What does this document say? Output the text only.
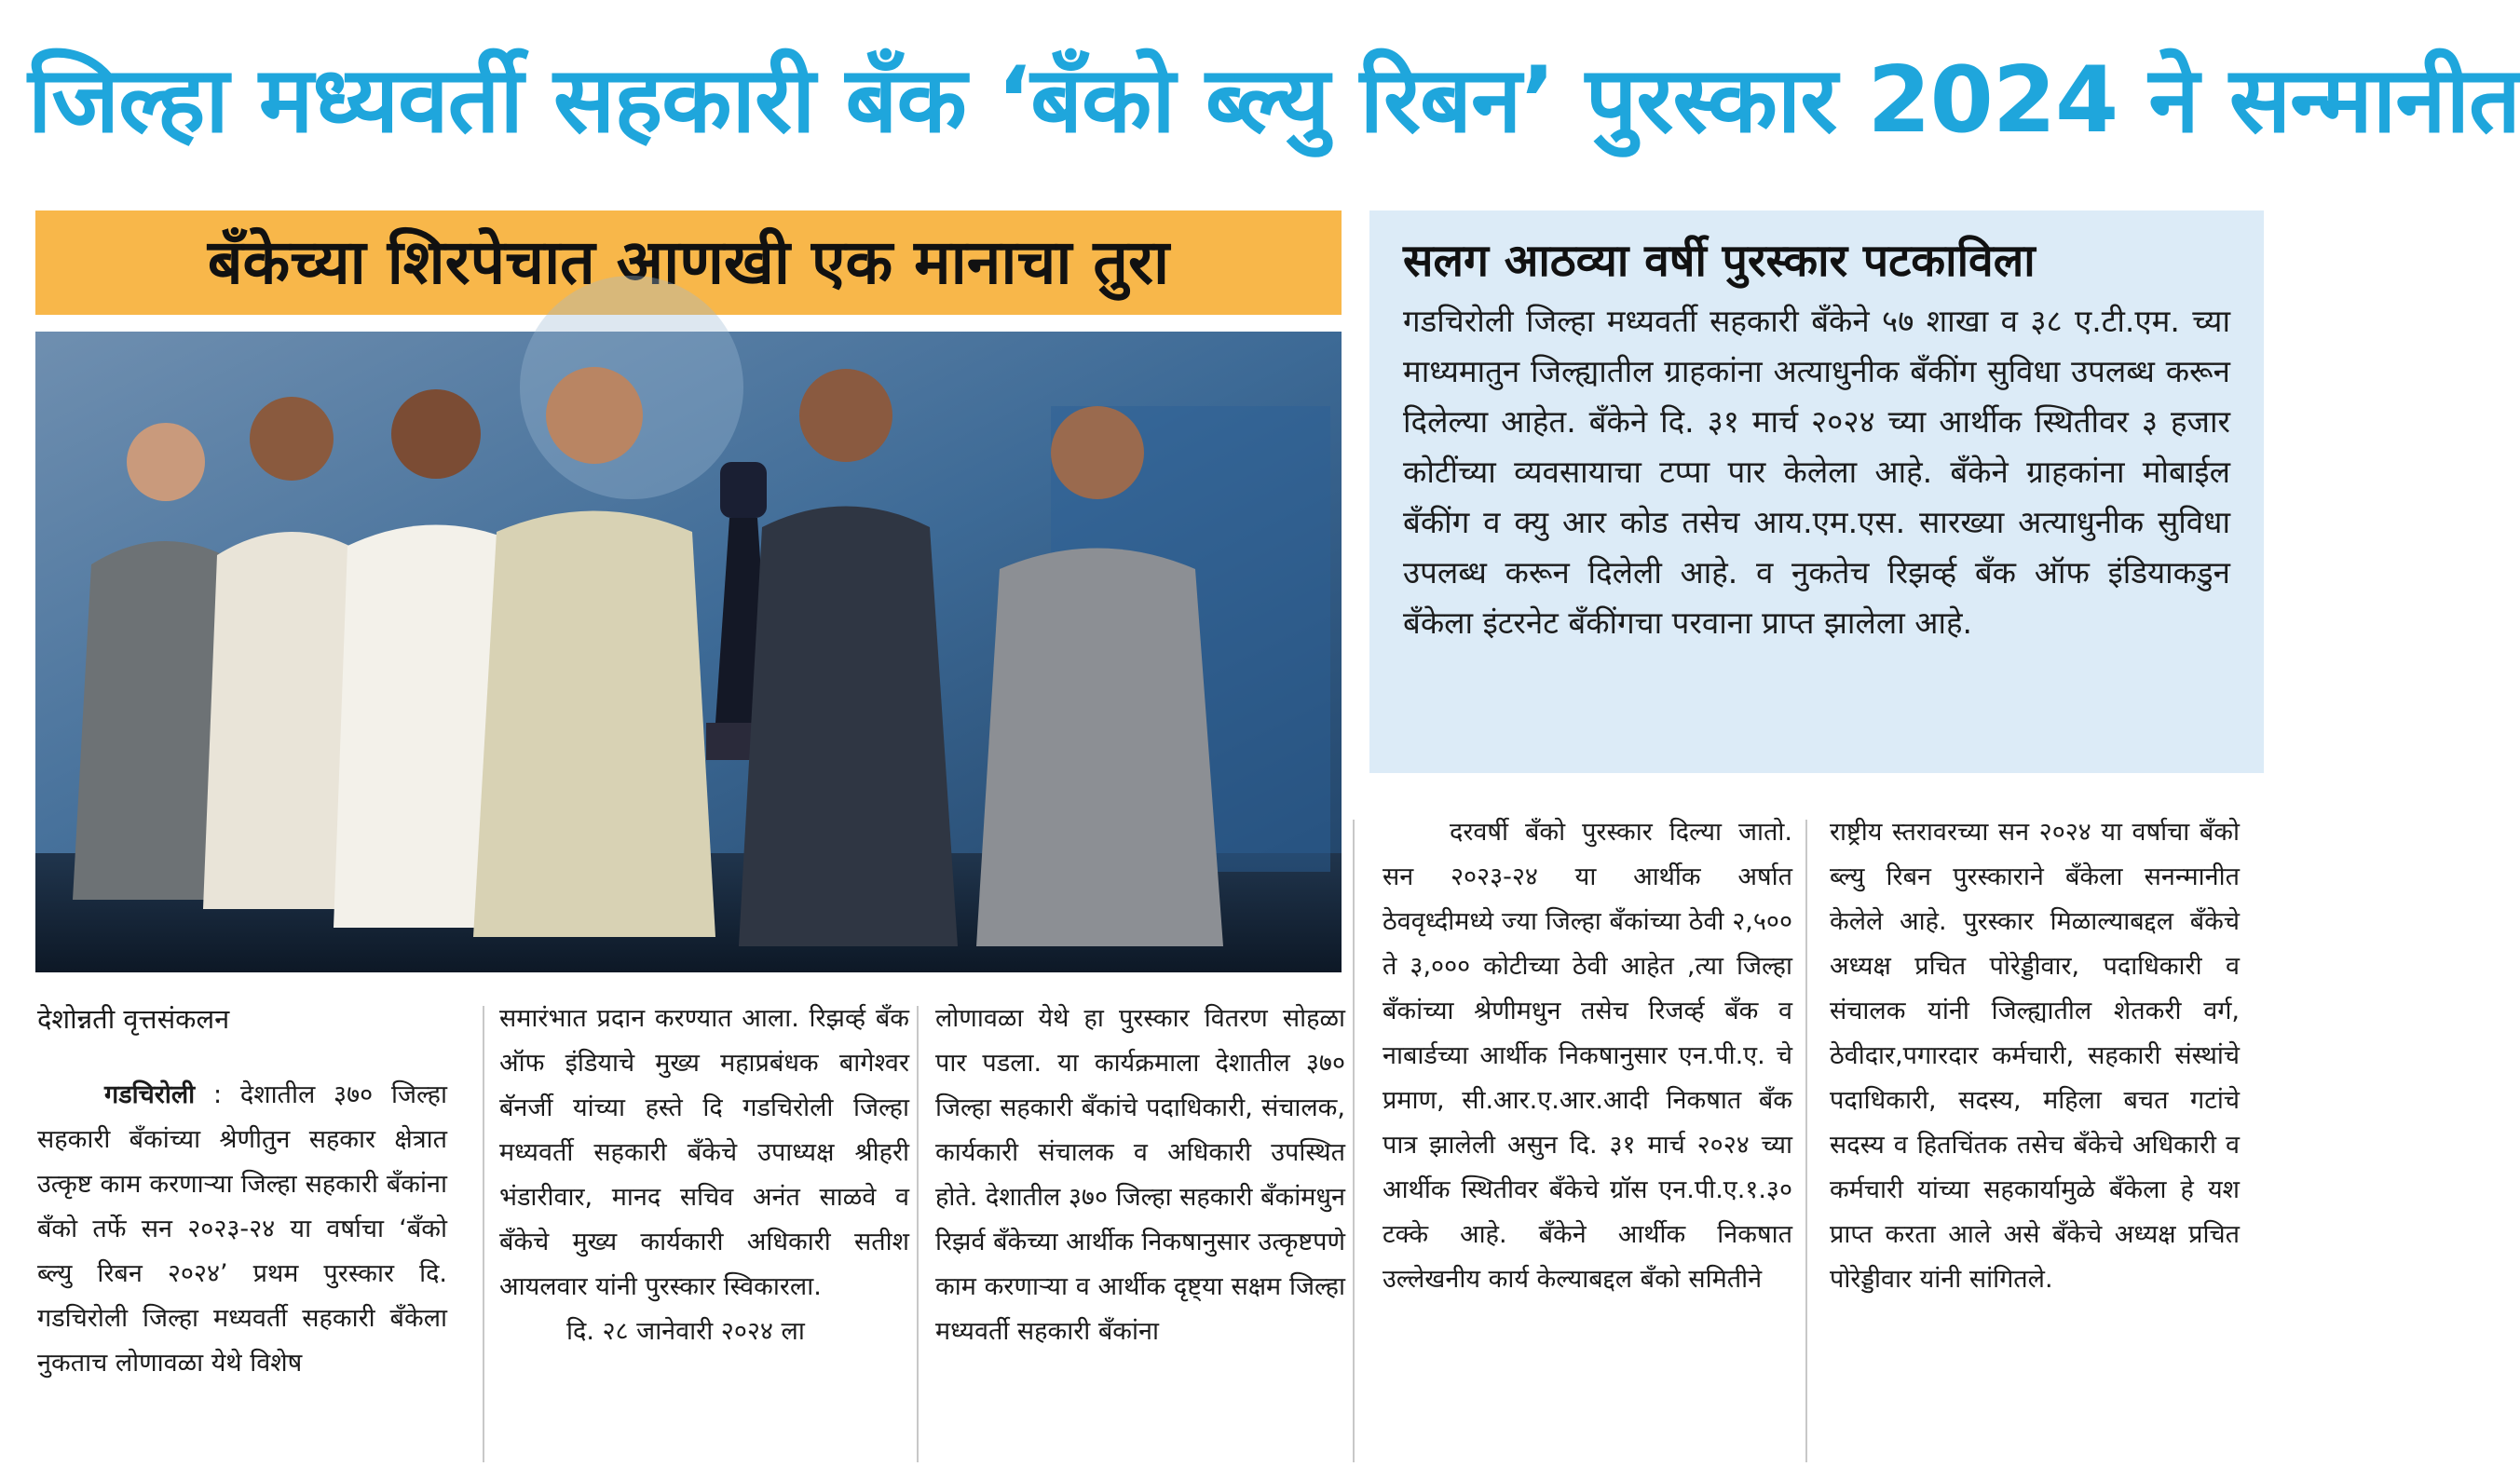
जिल्हा मध्यवर्ती सहकारी बँक ‘बँको ब्ल्यु रिबन’ पुरस्कार 2024 ने सन्मानीत
बँकेच्या शिरपेचात आणखी एक मानाचा तुरा	सलग आठव्या वर्षी पुरस्कार पटकाविला
गडचिरोली जिल्हा मध्यवर्ती सहकारी बँकेने ५७ शाखा व ३८ ए.टी.एम. च्या माध्यमातुन जिल्ह्यातील ग्राहकांना अत्याधुनीक बँकींग सुविधा उपलब्ध करून दिलेल्या आहेत. बँकेने दि. ३१ मार्च २०२४ च्या आर्थीक स्थितीवर ३ हजार कोटींच्या व्यवसायाचा टप्पा पार केलेला आहे. बँकेने ग्राहकांना मोबाईल बँकींग व क्यु आर कोड तसेच आय.एम.एस. सारख्या अत्याधुनीक सुविधा उपलब्ध करून दिलेली आहे. व नुकतेच रिझर्व्ह बँक ऑफ इंडियाकडुन बँकेला इंटरनेट बँकींगचा परवाना प्राप्त झालेला आहे.

देशोन्नती वृत्तसंकलन

गडचिरोली : देशातील ३७० जिल्हा सहकारी बँकांच्या श्रेणीतुन सहकार क्षेत्रात उत्कृष्ट काम करणाऱ्या जिल्हा सहकारी बँकांना बँको तर्फे सन २०२३-२४ या वर्षाचा ‘बँको ब्ल्यु रिबन २०२४’ प्रथम पुरस्कार दि. गडचिरोली जिल्हा मध्यवर्ती सहकारी बँकेला नुकताच लोणावळा येथे विशेष

समारंभात प्रदान करण्यात आला. रिझर्व्ह बँक ऑफ इंडियाचे मुख्य महाप्रबंधक बागेश्वर बॅनर्जी यांच्या हस्ते दि गडचिरोली जिल्हा मध्यवर्ती सहकारी बँकेचे उपाध्यक्ष श्रीहरी भंडारीवार, मानद सचिव अनंत साळवे व बँकेचे मुख्य कार्यकारी अधिकारी सतीश आयलवार यांनी पुरस्कार स्विकारला.

दि. २८ जानेवारी २०२४ ला

लोणावळा येथे हा पुरस्कार वितरण सोहळा पार पडला. या कार्यक्रमाला देशातील ३७० जिल्हा सहकारी बँकांचे पदाधिकारी, संचालक, कार्यकारी संचालक व अधिकारी उपस्थित होते. देशातील ३७० जिल्हा सहकारी बँकांमधुन रिझर्व बँकेच्या आर्थीक निकषानुसार उत्कृष्टपणे काम करणाऱ्या व आर्थीक दृष्ट्या सक्षम जिल्हा मध्यवर्ती सहकारी बँकांना

दरवर्षी बँको पुरस्कार दिल्या जातो. सन २०२३-२४ या आर्थीक अर्षात ठेववृध्दीमध्ये ज्या जिल्हा बँकांच्या ठेवी २,५०० ते ३,००० कोटीच्या ठेवी आहेत ,त्या जिल्हा बँकांच्या श्रेणीमधुन तसेच रिजर्व्ह बँक व नाबार्डच्या आर्थीक निकषानुसार एन.पी.ए. चे प्रमाण, सी.आर.ए.आर.आदी निकषात बँक पात्र झालेली असुन दि. ३१ मार्च २०२४ च्या आर्थीक स्थितीवर बँकेचे ग्रॉस एन.पी.ए.१.३० टक्के आहे. बँकेने आर्थीक निकषात उल्लेखनीय कार्य केल्याबद्दल बँको समितीने

राष्ट्रीय स्तरावरच्या सन २०२४ या वर्षाचा बँको ब्ल्यु रिबन पुरस्काराने बँकेला सनन्मानीत केलेले आहे. पुरस्कार मिळाल्याबद्दल बँकेचे अध्यक्ष प्रचित पोरेड्डीवार, पदाधिकारी व संचालक यांनी जिल्ह्यातील शेतकरी वर्ग, ठेवीदार,पगारदार कर्मचारी, सहकारी संस्थांचे पदाधिकारी, सदस्य, महिला बचत गटांचे सदस्य व हितचिंतक तसेच बँकेचे अधिकारी व कर्मचारी यांच्या सहकार्यामुळे बँकेला हे यश प्राप्त करता आले असे बँकेचे अध्यक्ष प्रचित पोरेड्डीवार यांनी सांगितले.
